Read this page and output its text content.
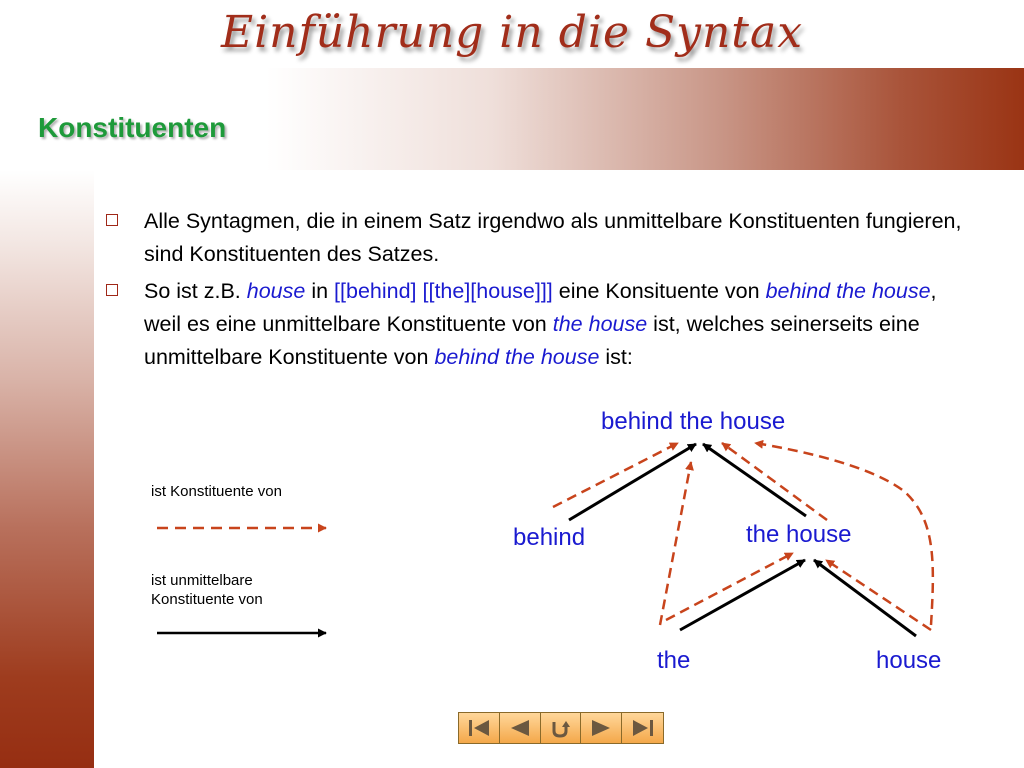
Einführung in die Syntax
Konstituenten
Alle Syntagmen, die in einem Satz irgendwo als unmittelbare Konstituenten fungieren, sind Konstituenten des Satzes.
So ist z.B. house in [[behind] [[the][house]]] eine Konsituente von behind the house, weil es eine unmittelbare Konstituente von the house ist, welches seinerseits eine unmittelbare Konstituente von behind the house ist:
ist Konstituente von
ist unmittelbare Konstituente von
behind the house
behind	the house
the	house
